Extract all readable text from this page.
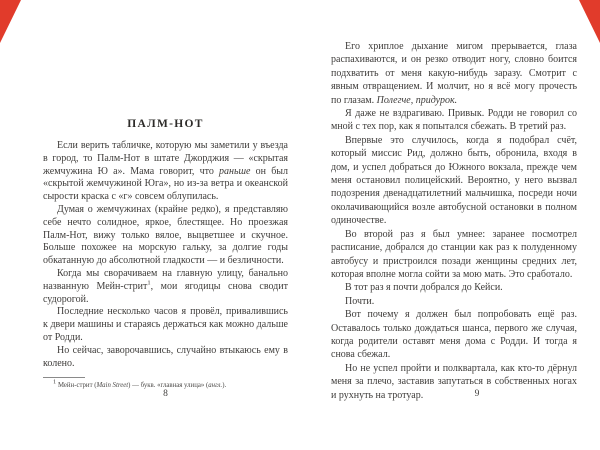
ПАЛМ-НОТ

Если верить табличке, которую мы заметили у въезда в город, то Палм-Нот в штате Джорджия — «скрытая жемчужина Ю а». Мама говорит, что раньше он был «скрытой жемчужиной Юга», но из-за ветра и океанской сырости краска с «г» совсем облупилась.

Думая о жемчужинах (крайне редко), я представляю себе нечто солидное, яркое, блестящее. Но проезжая Палм-Нот, вижу только вялое, выцветшее и скучное. Больше похожее на морскую гальку, за долгие годы обкатанную до абсолютной гладкости — и безличности.

Когда мы сворачиваем на главную улицу, банально названную Мейн-стрит$^1$, мои ягодицы снова сводит судорогой.

Последние несколько часов я провёл, привалившись к двери машины и стараясь держаться как можно дальше от Родди.

Но сейчас, заворочавшись, случайно втыкаюсь ему в колено.

$^1$ Мейн-стрит (Main Street) — букв. «главная улица» (англ.).

Его хриплое дыхание мигом прерывается, глаза распахиваются, и он резко отводит ногу, словно боится подхватить от меня какую-нибудь заразу. Смотрит с явным отвращением. И молчит, но я всё могу прочесть по глазам. Полегче, придурок.

Я даже не вздрагиваю. Привык. Родди не говорил со мной с тех пор, как я попытался сбежать. В третий раз.

Впервые это случилось, когда я подобрал счёт, который миссис Рид, должно быть, обронила, входя в дом, и успел добраться до Южного вокзала, прежде чем меня остановил полицейский. Вероятно, у него вызвал подозрения двенадцатилетний мальчишка, посреди ночи околачивающийся возле автобусной остановки в полном одиночестве.

Во второй раз я был умнее: заранее посмотрел расписание, добрался до станции как раз к полуденному автобусу и пристроился позади женщины средних лет, которая вполне могла сойти за мою мать. Это сработало.

В тот раз я почти добрался до Кейси.

Почти.

Вот почему я должен был попробовать ещё раз. Оставалось только дождаться шанса, первого же случая, когда родители оставят меня дома с Родди. И тогда я снова сбежал.

Но не успел пройти и полквартала, как кто-то дёрнул меня за плечо, заставив запутаться в собственных ногах и рухнуть на тротуар.

8	9
